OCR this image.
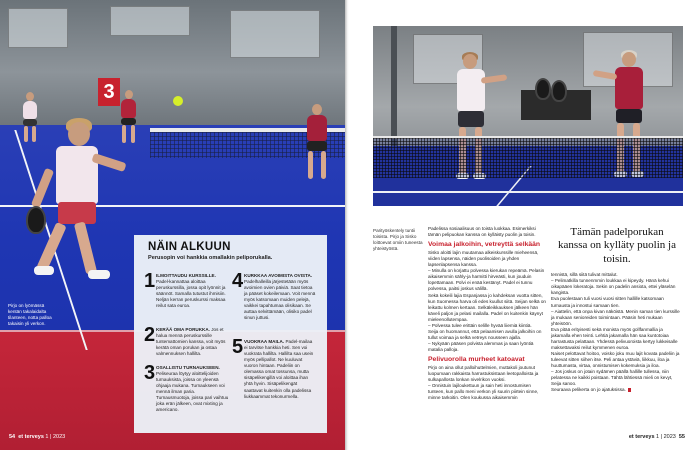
3
Pirjo on lyömässä kentän takalaidalta tilanteen, notta palloa takaisin yli verkon.
NÄIN ALKUUN
Perusopin voi hankkia omallakin peliporukalla.
1 ILMOITTAUDU KURSSILLE. Padel-kannattaa aloittaa peruskurssilla, jossa opit lyönnit ja säännöt. Samalla tutustut ihmisiin. Neljän kerran peruskurssi maksaa reilut sata euroa.
2 KERÄÄ OMA PORUKKA. Jos et halua mennä peruskurssille tuntemattomien kanssa, voit myös kerätä oman porukan ja ostaa valmennuksen hallilta.
3 OSALLISTU TURNAUKSEEN. Peliseuraa löytyy aloittelijoiden turnauksista, joissa on yleensä ohjaaja mukana. Turnaukseen voi mennä ilman paria. Turnausmuotoja, joissa pari vaihtuu joka erän jälkeen, ovat mixting ja americano.
4 KURKKAA AVOIMISTA OVISTA. Padelhalleilla järjestetään myös avoimien ovien päiviä. Saat tietoa ja pääset kokeilemaan. Voit mennä myös katsomaan muiden pelejä, vaikkei tapahtumaa olisikaan. Se auttaa selvittämään, olisiko padel sinun juttusi.
5 VUOKRAA MAILA. Padel-mailaa ei tarvitse hankkia heti. Sen voi vuokrata hallilta. Hallilta saa usein myös pellipallot. Ne kuuluvat vuoron hintaan. Padeliin on olemassa omat tossunsa, mutta sisäpelikengillä voi aloittaa ihan yhtä hyvin. Sisäpelikengät saattavat kuitenkin olla padelissa liukkaammat tekonurmella.
54 et terveys 1 | 2023
Parityöskentely tuntii toisista. Pirjo ja Sisko loittoevat omiin tuneesta yhteistyöstä.

Padelissa sosiaalisuus on toista luokkaa. Esimerkiksi tämän pelipuokan kanssa on kylläisty puolin ja toisin.

Voimaa jalkoihin, vetreyttä selkään

Sisko aloitti lajin muutamaa alkeiskurssille mieheensä, viiden lapsensa, näiden puolisoiden ja yhden lapsenlapsensa kanssa.

– Minulla on korjattu polvessa kierukan repeämä. Pelasin aikaisemmin sähly-ja harmitti hirveästi, kun jouduin lopettamaan. Polvi ei enää kestänyt. Padel ei tunnu polvessa, paitsi joskus välillä.

Sekä kokeili lajia Espanjassa jo kahdeksan vuotta sitten, kun Suomessa harva oli edes kuullut siitä. Seijan selkä on leikattu kolmen kertaan. Selkäleikkauksen jälkeen hän käveli paljon ja pelasi mailalla. Padel on kuitenkin käynyt mieleenollutempaa.

– Polvessa tulee erittäin selille hyvää liiemiä kiintiä.

Seija on huomannut, että pelaamisen avulla jalkoihin on tullut voimaa ja selkä vetreys nousseen ajalla.

– Nykyään pääsen polvista alemmas ja saan lyöntiä matalia palloja.

Pelivuorolla murheet katoavat

Pirjo on aina ollut palloihuttelmien, muttakoli joutunut luopumaan rakkaista harrastuksistaan leetopalloista ja sulkapallosta lonkan nivelrikon vuoksi.

– Onnistuin lajiloukettuun ja sain heti innostumisen tunteen, kun pallo meni verkon yli suurin piirtein sinne, minne tarkoitin. Olen koukussa aikaisemmin

Tämän padelporukan kanssa on kylläty puolin ja toisin.

tennistä, sillä siitä tulivat mittalut.

– Pelimatkilla tunnenmmin loukkaa ei kipeydy. Hänä kehui oikapääen lokeratoja. Sekin on padelin ansiota, ettei yläselän kangista.

Eva puolestaan tuli vuosi vuosi sitten hallille katsomaan turnausta ja innostui samaan tien.

– Aiattelin, että onpa kivan näköistä. Menin saman tien kurssille ja mukaan senioreiden toimintaan. Pääsin heti mukaan yhteisöön.

Eva pitää erityisesti sekä monista myös gollfanmallia ja jakamalla ehen teinti. Lehtiä jakamalla hän saa kuntotoiaa harrastusta pelattaan. Yhdessä pelivuoroista kertyy lukkeisalle maksettavaksi reilut kymmenen euroa.

Naiset pelottavat hoitoo, voisko joku muu lajit kovata padeliin ja tuleevat sitten siihen itse. Peli antaa ystäviä, liikkuu, iloa ja huuttumasta, virtaa, onnistumisen kokemuksia ja iloa.

– Jos joskus on jotain sydämen päällä hallille tullessa, niin pelatessa ne kaikki poistaan. Tähtä lähtiessä mieli on kevyt, Seija sanoo.

Seuraava pelikerta on jo ajatuksissa.

et terveys 1 | 2023 55
